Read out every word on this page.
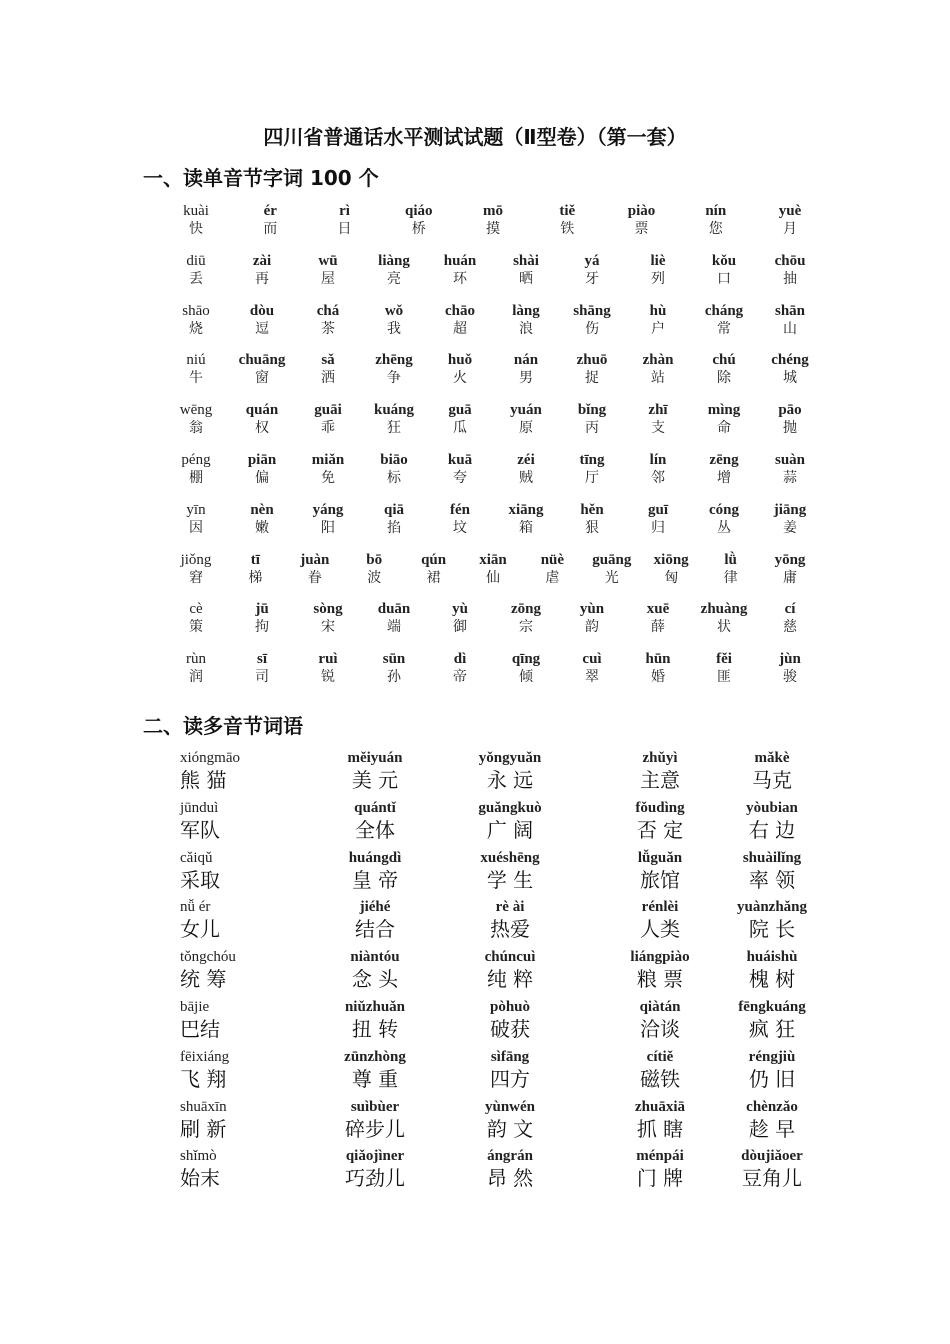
四川省普通话水平测试试题（Ⅱ型卷）（第一套）
一、读单音节字词 100 个
kuài
快
ér
而
rì
日
qiáo
桥
mō
摸
tiě
铁
piào
票
nín
您
yuè
月
diū
丢
zài
再
wū
屋
liàng
亮
huán
环
shài
晒
yá
牙
liè
列
kǒu
口
chōu
抽
shāo
烧
dòu
逗
chá
茶
wǒ
我
chāo
超
làng
浪
shāng
伤
hù
户
cháng
常
shān
山
niú
牛
chuāng
窗
sǎ
洒
zhēng
争
huǒ
火
nán
男
zhuō
捉
zhàn
站
chú
除
chéng
城
wēng
翁
quán
权
guāi
乖
kuáng
狂
guā
瓜
yuán
原
bǐng
丙
zhī
支
mìng
命
pāo
抛
péng
棚
piān
偏
miǎn
免
biāo
标
kuā
夸
zéi
贼
tīng
厅
lín
邻
zēng
增
suàn
蒜
yīn
因
nèn
嫩
yáng
阳
qiā
掐
fén
坟
xiāng
箱
hěn
狠
guī
归
cóng
丛
jiāng
姜
jiǒng
窘
tī
梯
juàn
眷
bō
波
qún
裙
xiān
仙
nüè
虐
guāng
光
xiōng
匈
lǜ
律
yōng
庸
cè
策
jū
拘
sòng
宋
duān
端
yù
御
zōng
宗
yùn
韵
xuē
薛
zhuàng
状
cí
慈
rùn
润
sī
司
ruì
锐
sūn
孙
dì
帝
qīng
倾
cuì
翠
hūn
婚
fěi
匪
jùn
骏
二、读多音节词语
xióngmāo
熊 猫
měiyuán
美 元
yǒngyuǎn
永 远
zhǔyì
主意
mǎkè
马克
jūnduì
军队
quántǐ
全体
guǎngkuò
广 阔
fǒudìng
否 定
yòubian
右 边
cǎiqǔ
采取
huángdì
皇 帝
xuéshēng
学 生
lǚguǎn
旅馆
shuàilǐng
率 领
nǚ ér
女儿
jiéhé
结合
rè ài
热爱
rénlèi
人类
yuànzhǎng
院 长
tǒngchóu
统 筹
niàntóu
念 头
chúncuì
纯 粹
liángpiào
粮 票
huáishù
槐 树
bājie
巴结
niǔzhuǎn
扭 转
pòhuò
破获
qiàtán
洽谈
fēngkuáng
疯 狂
fēixiáng
飞 翔
zūnzhòng
尊 重
sìfāng
四方
cítiě
磁铁
réngjiù
仍 旧
shuāxīn
刷 新
suìbùer
碎步儿
yùnwén
韵 文
zhuāxiā
抓 瞎
chènzǎo
趁 早
shǐmò
始末
qiǎojìner
巧劲儿
ángrán
昂 然
ménpái
门 牌
dòujiǎoer
豆角儿
